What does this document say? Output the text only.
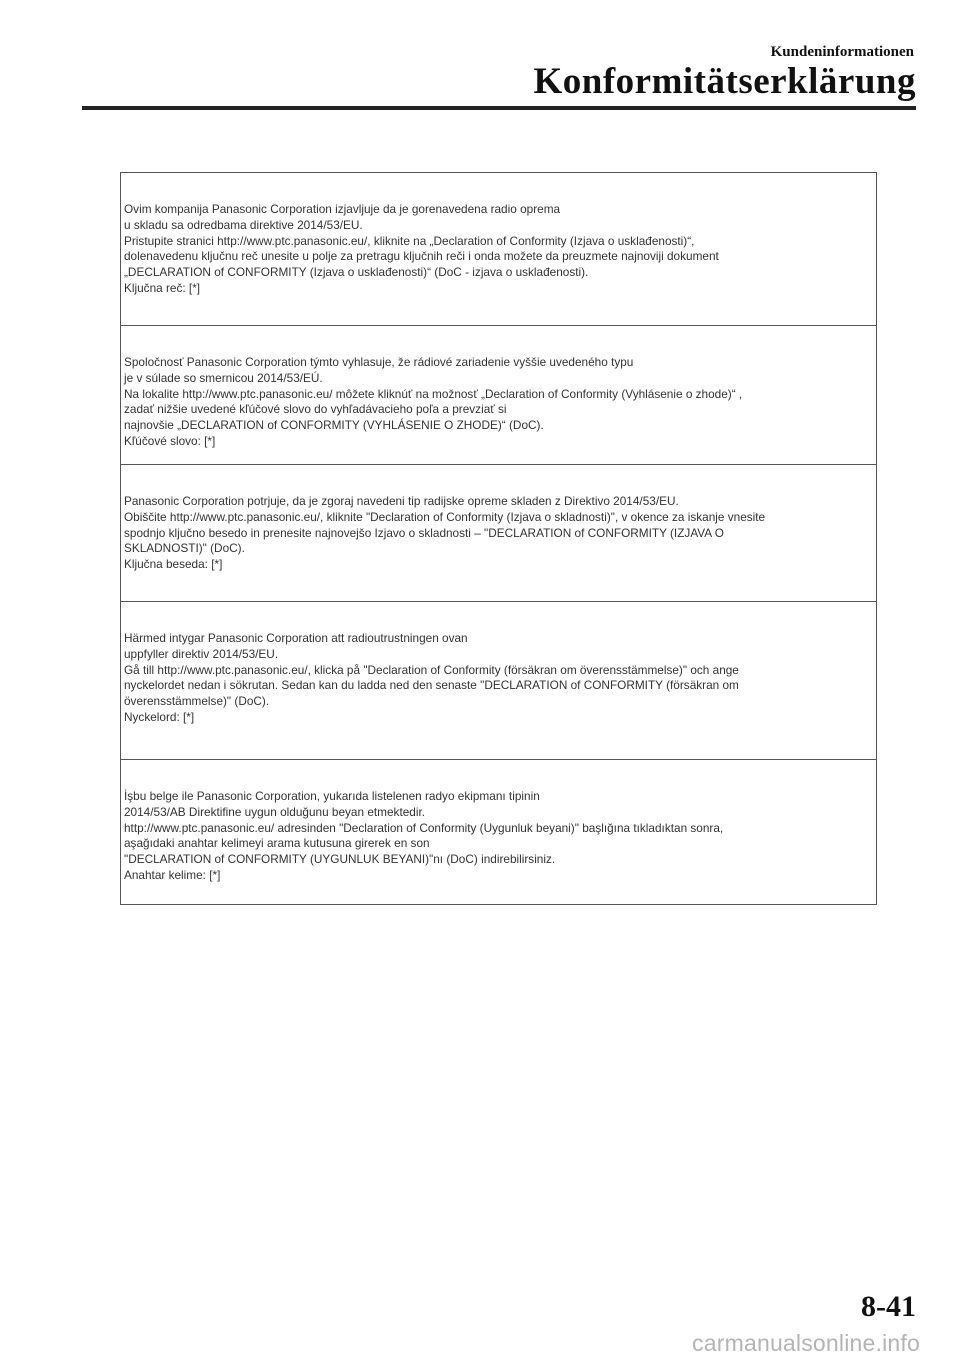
Kundeninformationen
Konformitätserklärung
Ovim kompanija Panasonic Corporation izjavljuje da je gorenavedena radio oprema
u skladu sa odredbama direktive 2014/53/EU.
Pristupite stranici http://www.ptc.panasonic.eu/, kliknite na „Declaration of Conformity (Izjava o usklađenosti)“,
dolenavedenu ključnu reč unesite u polje za pretragu ključnih reči i onda možete da preuzmete najnoviji dokument
„DECLARATION of CONFORMITY (Izjava o usklađenosti)“ (DoC - izjava o usklađenosti).
Ključna reč: [*]
Spoločnosť Panasonic Corporation týmto vyhlasuje, že rádiové zariadenie vyššie uvedeného typu
je v súlade so smernicou 2014/53/EÚ.
Na lokalite http://www.ptc.panasonic.eu/ môžete kliknúť na možnosť „Declaration of Conformity (Vyhlásenie o zhode)“ ,
zadať nižšie uvedené kľúčové slovo do vyhľadávacieho poľa a prevziať si
najnovšie „DECLARATION of CONFORMITY (VYHLÁSENIE O ZHODE)“ (DoC).
Kľúčové slovo: [*]
Panasonic Corporation potrjuje, da je zgoraj navedeni tip radijske opreme skladen z Direktivo 2014/53/EU.
Obiščite http://www.ptc.panasonic.eu/, kliknite "Declaration of Conformity (Izjava o skladnosti)", v okence za iskanje vnesite
spodnjo ključno besedo in prenesite najnovejšo Izjavo o skladnosti – "DECLARATION of CONFORMITY (IZJAVA O
SKLADNOSTI)" (DoC).
Ključna beseda: [*]
Härmed intygar Panasonic Corporation att radioutrustningen ovan
uppfyller direktiv 2014/53/EU.
Gå till http://www.ptc.panasonic.eu/, klicka på "Declaration of Conformity (försäkran om överensstämmelse)" och ange
nyckelordet nedan i sökrutan. Sedan kan du ladda ned den senaste "DECLARATION of CONFORMITY (försäkran om
överensstämmelse)" (DoC).
Nyckelord: [*]
İşbu belge ile Panasonic Corporation, yukarıda listelenen radyo ekipmanı tipinin
2014/53/AB Direktifine uygun olduğunu beyan etmektedir.
http://www.ptc.panasonic.eu/ adresinden "Declaration of Conformity (Uygunluk beyani)" başlığına tıkladıktan sonra,
aşağıdaki anahtar kelimeyi arama kutusuna girerek en son
"DECLARATION of CONFORMITY (UYGUNLUK BEYANI)"nı (DoC) indirebilirsiniz.
Anahtar kelime: [*]
8-41
carmanualsonline.info
